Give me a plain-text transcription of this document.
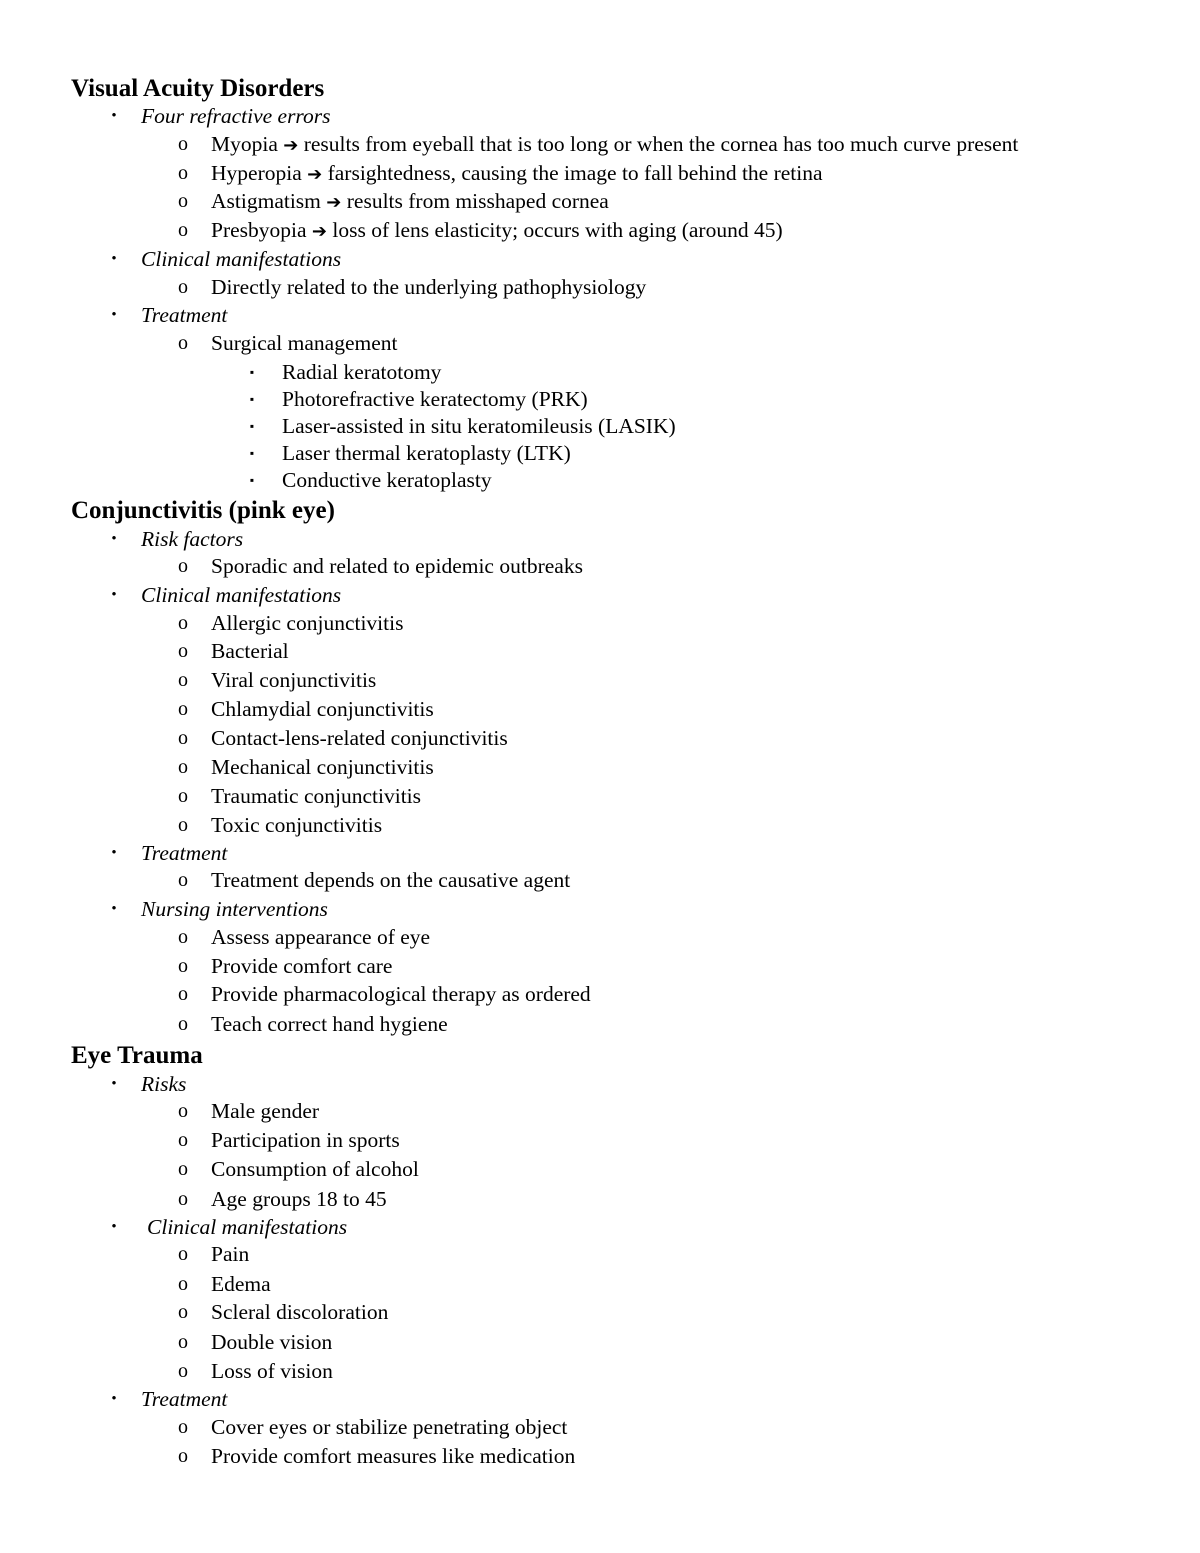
Visual Acuity Disorders
• Four refractive errors
o Myopia ➔ results from eyeball that is too long or when the cornea has too much curve present
o Hyperopia ➔ farsightedness, causing the image to fall behind the retina
o Astigmatism ➔ results from misshaped cornea
o Presbyopia ➔ loss of lens elasticity; occurs with aging (around 45)
• Clinical manifestations
o Directly related to the underlying pathophysiology
• Treatment
o Surgical management
▪ Radial keratotomy
▪ Photorefractive keratectomy (PRK)
▪ Laser-assisted in situ keratomileusis (LASIK)
▪ Laser thermal keratoplasty (LTK)
▪ Conductive keratoplasty
Conjunctivitis (pink eye)
• Risk factors
o Sporadic and related to epidemic outbreaks
• Clinical manifestations
o Allergic conjunctivitis
o Bacterial
o Viral conjunctivitis
o Chlamydial conjunctivitis
o Contact-lens-related conjunctivitis
o Mechanical conjunctivitis
o Traumatic conjunctivitis
o Toxic conjunctivitis
• Treatment
o Treatment depends on the causative agent
• Nursing interventions
o Assess appearance of eye
o Provide comfort care
o Provide pharmacological therapy as ordered
o Teach correct hand hygiene
Eye Trauma
• Risks
o Male gender
o Participation in sports
o Consumption of alcohol
o Age groups 18 to 45
• Clinical manifestations
o Pain
o Edema
o Scleral discoloration
o Double vision
o Loss of vision
• Treatment
o Cover eyes or stabilize penetrating object
o Provide comfort measures like medication
